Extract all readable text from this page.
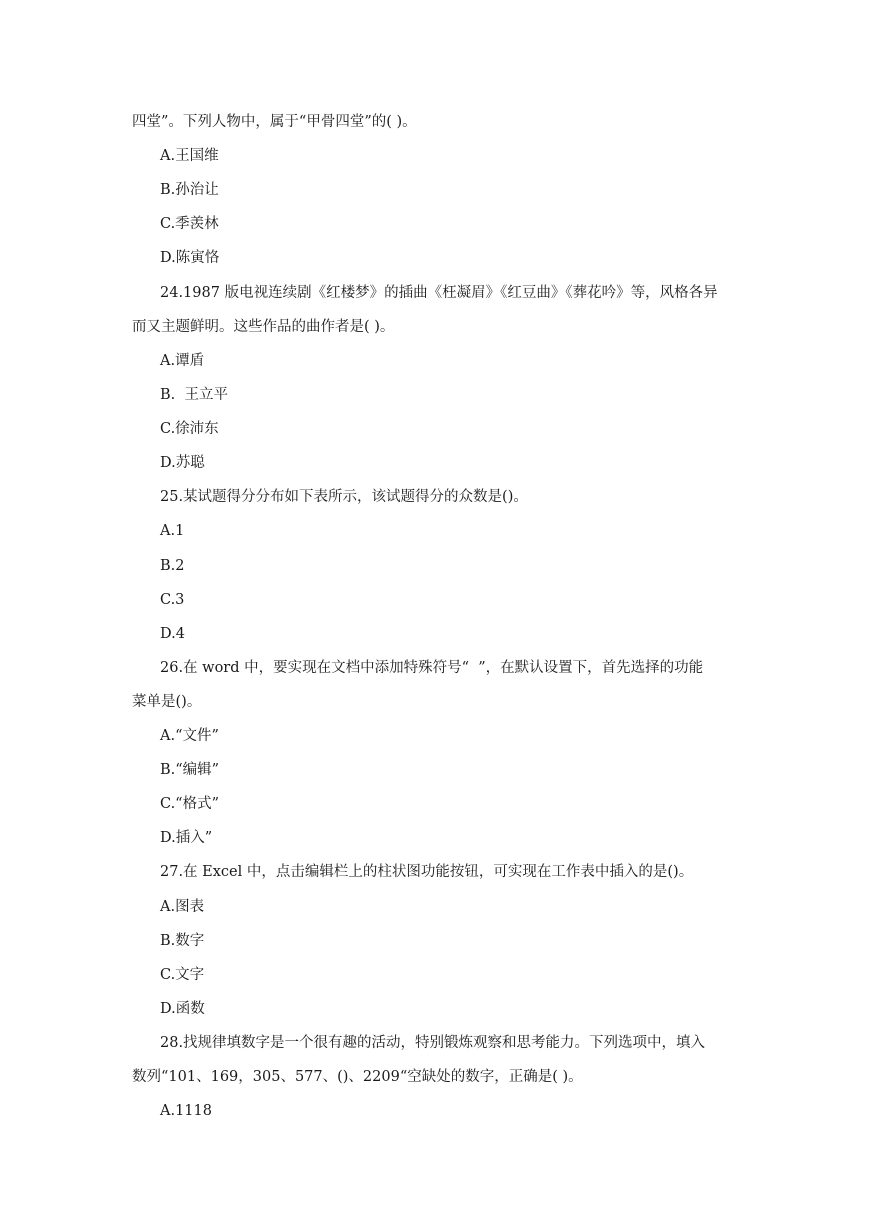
四堂”。下列人物中，属于“甲骨四堂”的( )。
A.王国维
B.孙治让
C.季羡林
D.陈寅恪
24.1987 版电视连续剧《红楼梦》的插曲《枉凝眉》《红豆曲》《葬花吟》等，风格各异
而又主题鲜明。这些作品的曲作者是( )。
A.谭盾
B.  王立平
C.徐沛东
D.苏聪
25.某试题得分分布如下表所示，该试题得分的众数是()。
A.1
B.2
C.3
D.4
26.在 word 中，要实现在文档中添加特殊符号“  ”，在默认设置下，首先选择的功能
菜单是()。
A.“文件”
B.“编辑”
C.“格式”
D.插入”
27.在 Excel 中，点击编辑栏上的柱状图功能按钮，可实现在工作表中插入的是()。
A.图表
B.数字
C.文字
D.函数
28.找规律填数字是一个很有趣的活动，特别锻炼观察和思考能力。下列选项中，填入
数列“101、169，305、577、()、2209“空缺处的数字，正确是( )。
A.1118
